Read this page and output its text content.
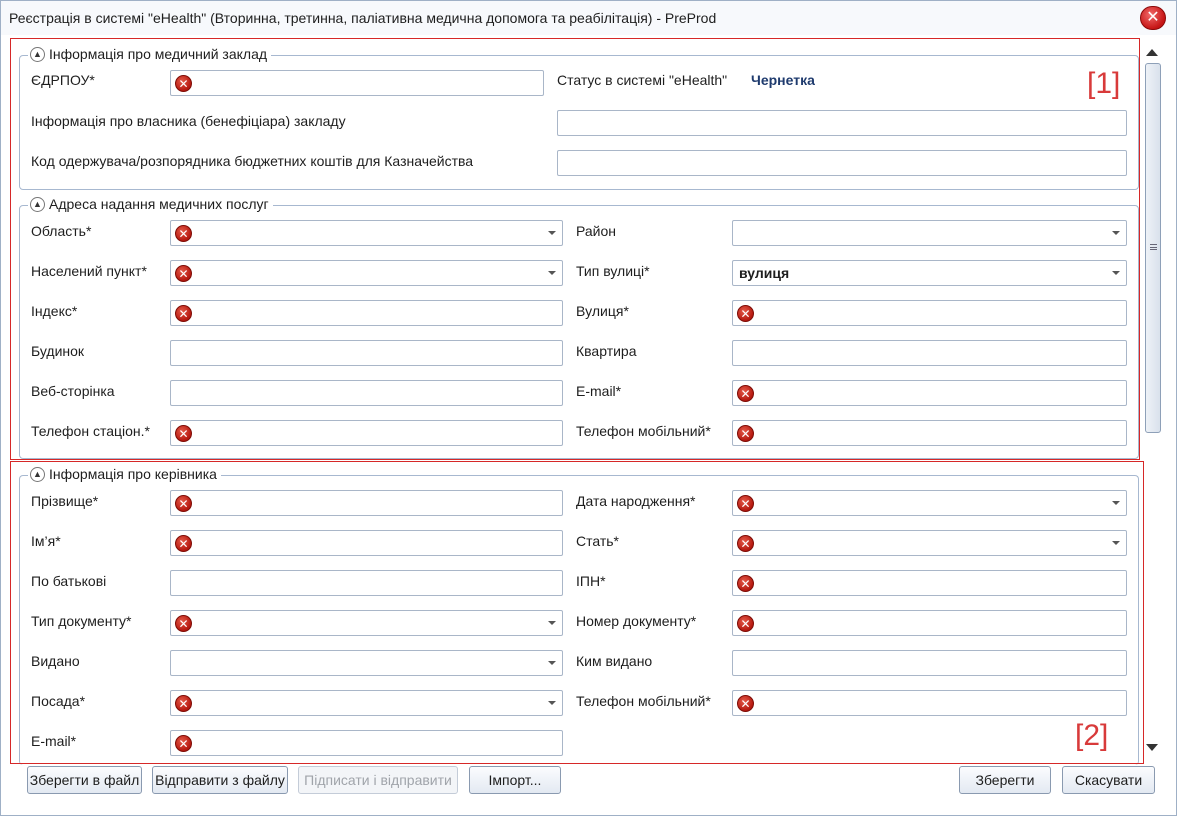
Реєстрація в системі "eHealth" (Вторинна, третинна, паліативна медична допомога та реабілітація) - PreProd	✕
▲ Інформація про медичний заклад
ЄДРПОУ*	✕	Статус в системі "eHealth" Чернетка
Інформація про власника (бенефіціара) закладу
Код одержувача/розпорядника бюджетних коштів для Казначейства
▲ Адреса надання медичних послуг
Область*	✕	Район
Населений пункт*	✕	Тип вулиці*	вулиця
Індекс*	✕	Вулиця*	✕
Будинок	Квартира
Веб-сторінка	E-mail*	✕
Телефон стаціон.* ✕	Телефон мобільний* ✕
▲ Інформація про керівника
Прізвище*	✕	Дата народження*	✕
Ім’я*	✕	Стать*	✕
По батькові	ІПН*	✕
Тип документу*	✕	Номер документу*	✕
Видано	Ким видано
Посада*	✕	Телефон мобільний* ✕
E-mail*	✕
[1]
[2]
Зберегти в файл Відправити з файлу	Підписати і відправити	Імпорт...	Зберегти	Скасувати
